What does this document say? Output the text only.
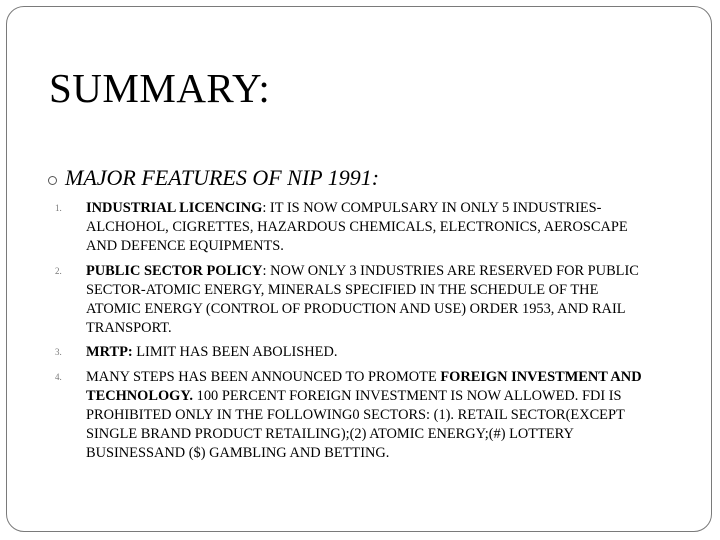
SUMMARY:
MAJOR FEATURES OF NIP 1991:
1.	INDUSTRIAL LICENCING: IT IS NOW COMPULSARY IN ONLY 5 INDUSTRIES- ALCHOHOL, CIGRETTES, HAZARDOUS CHEMICALS, ELECTRONICS, AEROSCAPE AND DEFENCE EQUIPMENTS.
2.	PUBLIC SECTOR POLICY: NOW ONLY 3 INDUSTRIES ARE RESERVED FOR PUBLIC SECTOR-ATOMIC ENERGY, MINERALS SPECIFIED IN THE SCHEDULE OF THE ATOMIC ENERGY (CONTROL OF PRODUCTION AND USE) ORDER 1953, AND RAIL TRANSPORT.
3.	MRTP: LIMIT HAS BEEN ABOLISHED.
4.	MANY STEPS HAS BEEN ANNOUNCED TO PROMOTE FOREIGN INVESTMENT AND TECHNOLOGY. 100 PERCENT FOREIGN INVESTMENT IS NOW ALLOWED. FDI IS PROHIBITED ONLY IN THE FOLLOWING0 SECTORS: (1). RETAIL SECTOR(EXCEPT SINGLE BRAND PRODUCT RETAILING);(2) ATOMIC ENERGY;(#) LOTTERY BUSINESSAND ($) GAMBLING AND BETTING.
